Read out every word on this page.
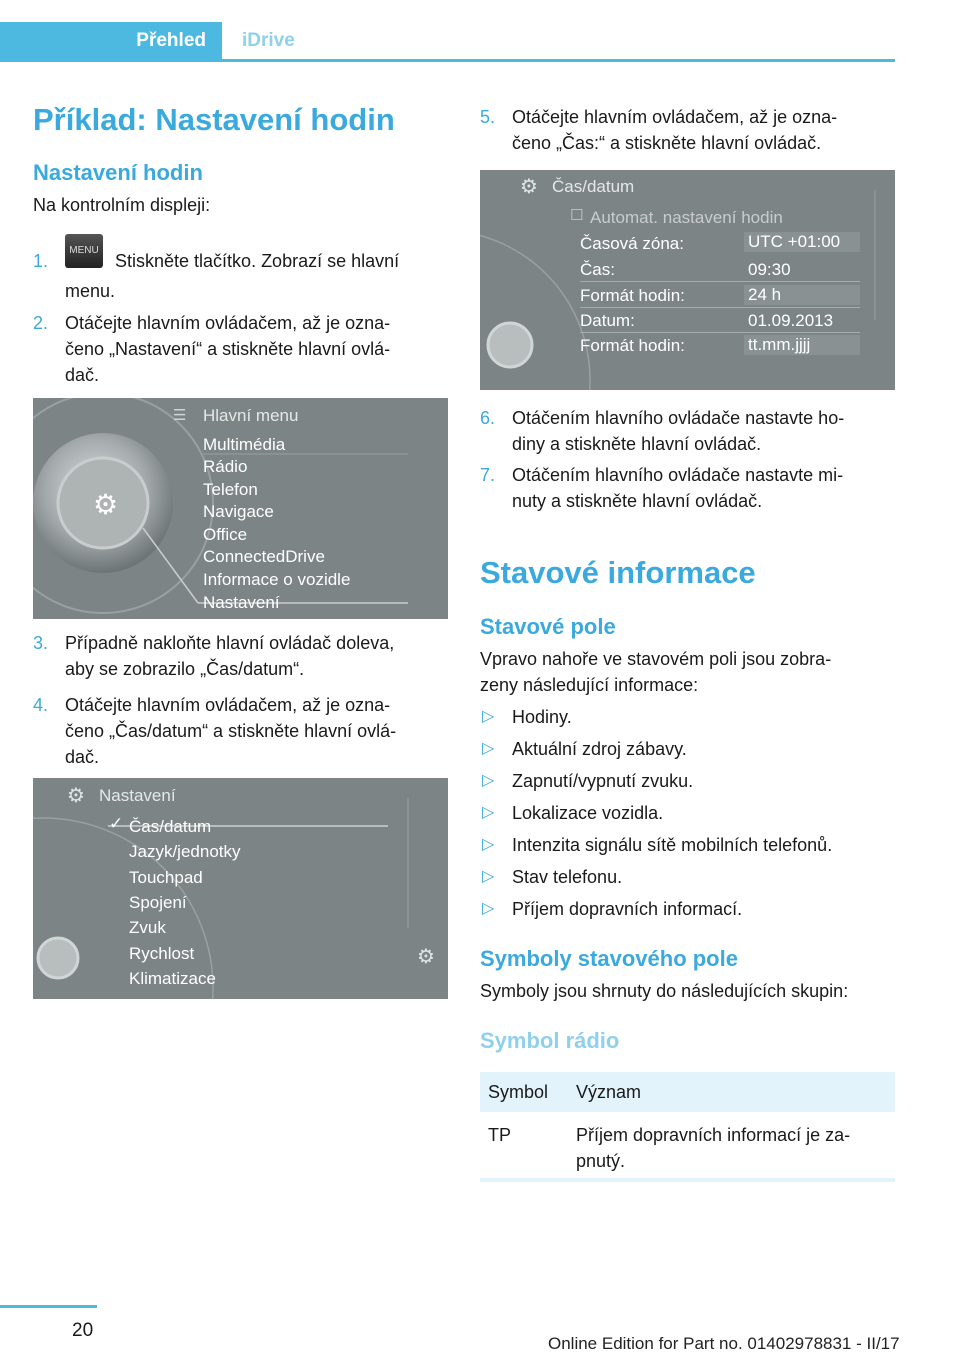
Přehled iDrive
Příklad: Nastavení hodin
Nastavení hodin
Na kontrolním displeji:
1.
MENU
Stiskněte tlačítko. Zobrazí se hlavní
menu.
2. Otáčejte hlavním ovládačem, až je ozna‐
čeno „Nastavení“ a stiskněte hlavní ovlá‐
dač.
⚙
☰ Hlavní menu
Multimédia
Rádio
Telefon
Navigace
Office
ConnectedDrive
Informace o vozidle
Nastavení
3. Případně nakloňte hlavní ovládač doleva,
aby se zobrazilo „Čas/datum“.
4. Otáčejte hlavním ovládačem, až je ozna‐
čeno „Čas/datum“ a stiskněte hlavní ovlá‐
dač.
⚙ Nastavení
✓ Čas/datum
Jazyk/jednotky
Touchpad
Spojení
Zvuk
Rychlost
Klimatizace
⚙
5. Otáčejte hlavním ovládačem, až je ozna‐
čeno „Čas:“ a stiskněte hlavní ovládač.
⚙ Čas/datum
☐ Automat. nastavení hodin
Časová zóna:	UTC +01:00
Čas:	09:30
Formát hodin:	24 h
Datum:	01.09.2013
Formát hodin:	tt.mm.jjjj
6. Otáčením hlavního ovládače nastavte ho‐
diny a stiskněte hlavní ovládač.
7. Otáčením hlavního ovládače nastavte mi‐
nuty a stiskněte hlavní ovládač.
Stavové informace
Stavové pole
Vpravo nahoře ve stavovém poli jsou zobra‐
zeny následující informace:
▷ Hodiny.
▷ Aktuální zdroj zábavy.
▷ Zapnutí/vypnutí zvuku.
▷ Lokalizace vozidla.
▷ Intenzita signálu sítě mobilních telefonů.
▷ Stav telefonu.
▷ Příjem dopravních informací.
Symboly stavového pole
Symboly jsou shrnuty do následujících skupin:
Symbol rádio
Symbol	Význam
TP	Příjem dopravních informací je za‐
pnutý.
20
Online Edition for Part no. 01402978831 - II/17
